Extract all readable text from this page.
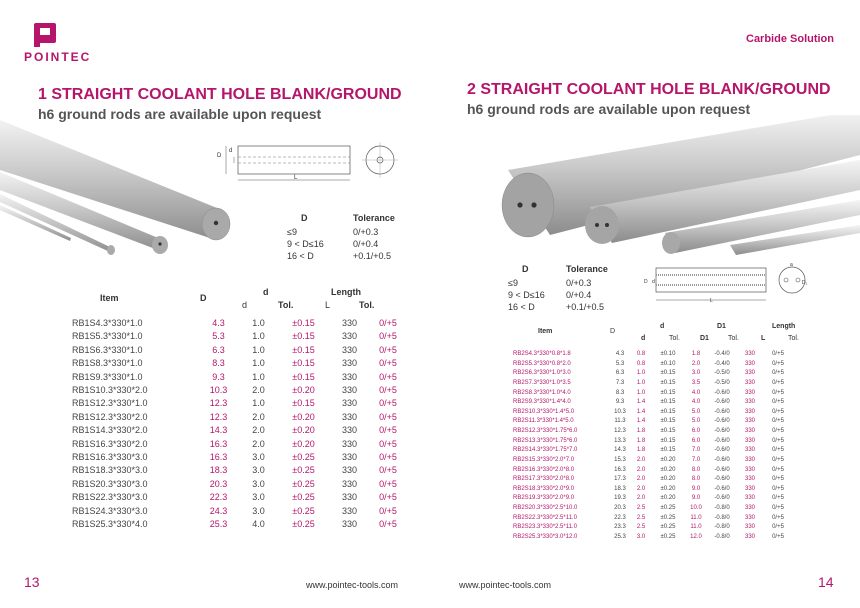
POINTEC
Carbide Solution
1 STRAIGHT COOLANT HOLE BLANK/GROUND
h6 ground rods are available upon request
D
d
L
D	Tolerance
≤9	0/+0.3
9 < D≤16	0/+0.4
16 < D	+0.1/+0.5
Item	D
d	Length
d	Tol.	L	Tol.
RB1S4.3*330*1.0	4.3	1.0	±0.15	330	0/+5
RB1S5.3*330*1.0	5.3	1.0	±0.15	330	0/+5
RB1S6.3*330*1.0	6.3	1.0	±0.15	330	0/+5
RB1S8.3*330*1.0	8.3	1.0	±0.15	330	0/+5
RB1S9.3*330*1.0	9.3	1.0	±0.15	330	0/+5
RB1S10.3*330*2.0	10.3	2.0	±0.20	330	0/+5
RB1S12.3*330*1.0	12.3	1.0	±0.15	330	0/+5
RB1S12.3*330*2.0	12.3	2.0	±0.20	330	0/+5
RB1S14.3*330*2.0	14.3	2.0	±0.20	330	0/+5
RB1S16.3*330*2.0	16.3	2.0	±0.20	330	0/+5
RB1S16.3*330*3.0	16.3	3.0	±0.25	330	0/+5
RB1S18.3*330*3.0	18.3	3.0	±0.25	330	0/+5
RB1S20.3*330*3.0	20.3	3.0	±0.25	330	0/+5
RB1S22.3*330*3.0	22.3	3.0	±0.25	330	0/+5
RB1S24.3*330*3.0	24.3	3.0	±0.25	330	0/+5
RB1S25.3*330*4.0	25.3	4.0	±0.25	330	0/+5
2 STRAIGHT COOLANT HOLE BLANK/GROUND
h6 ground rods are available upon request
D	Tolerance
≤9	0/+0.3
9 < D≤16	0/+0.4
16 < D	+0.1/+0.5
D d	D₁
L
a
Item	D
d	D1	Length
d	Tol.	D1	Tol.	L	Tol.
RB2S4.3*330*0.8*1.8	4.3	0.8	±0.10	1.8	-0.4/0	330	0/+5
RB2S5.3*330*0.8*2.0	5.3	0.8	±0.10	2.0	-0.4/0	330	0/+5
RB2S6.3*330*1.0*3.0	6.3	1.0	±0.15	3.0	-0.5/0	330	0/+5
RB2S7.3*330*1.0*3.5	7.3	1.0	±0.15	3.5	-0.5/0	330	0/+5
RB2S8.3*330*1.0*4.0	8.3	1.0	±0.15	4.0	-0.6/0	330	0/+5
RB2S9.3*330*1.4*4.0	9.3	1.4	±0.15	4.0	-0.6/0	330	0/+5
RB2S10.3*330*1.4*5.0	10.3	1.4	±0.15	5.0	-0.6/0	330	0/+5
RB2S11.3*330*1.4*5.0	11.3	1.4	±0.15	5.0	-0.6/0	330	0/+5
RB2S12.3*330*1.75*6.0	12.3	1.8	±0.15	6.0	-0.6/0	330	0/+5
RB2S13.3*330*1.75*6.0	13.3	1.8	±0.15	6.0	-0.6/0	330	0/+5
RB2S14.3*330*1.75*7.0	14.3	1.8	±0.15	7.0	-0.6/0	330	0/+5
RB2S15.3*330*2.0*7.0	15.3	2.0	±0.20	7.0	-0.6/0	330	0/+5
RB2S16.3*330*2.0*8.0	16.3	2.0	±0.20	8.0	-0.6/0	330	0/+5
RB2S17.3*330*2.0*8.0	17.3	2.0	±0.20	8.0	-0.6/0	330	0/+5
RB2S18.3*330*2.0*9.0	18.3	2.0	±0.20	9.0	-0.6/0	330	0/+5
RB2S19.3*330*2.0*9.0	19.3	2.0	±0.20	9.0	-0.6/0	330	0/+5
RB2S20.3*330*2.5*10.0	20.3	2.5	±0.25	10.0	-0.8/0	330	0/+5
RB2S22.3*330*2.5*11.0	22.3	2.5	±0.25	11.0	-0.8/0	330	0/+5
RB2S23.3*330*2.5*11.0	23.3	2.5	±0.25	11.0	-0.8/0	330	0/+5
RB2S25.3*330*3.0*12.0	25.3	3.0	±0.25	12.0	-0.8/0	330	0/+5
13	www.pointec-tools.com	www.pointec-tools.com	14
